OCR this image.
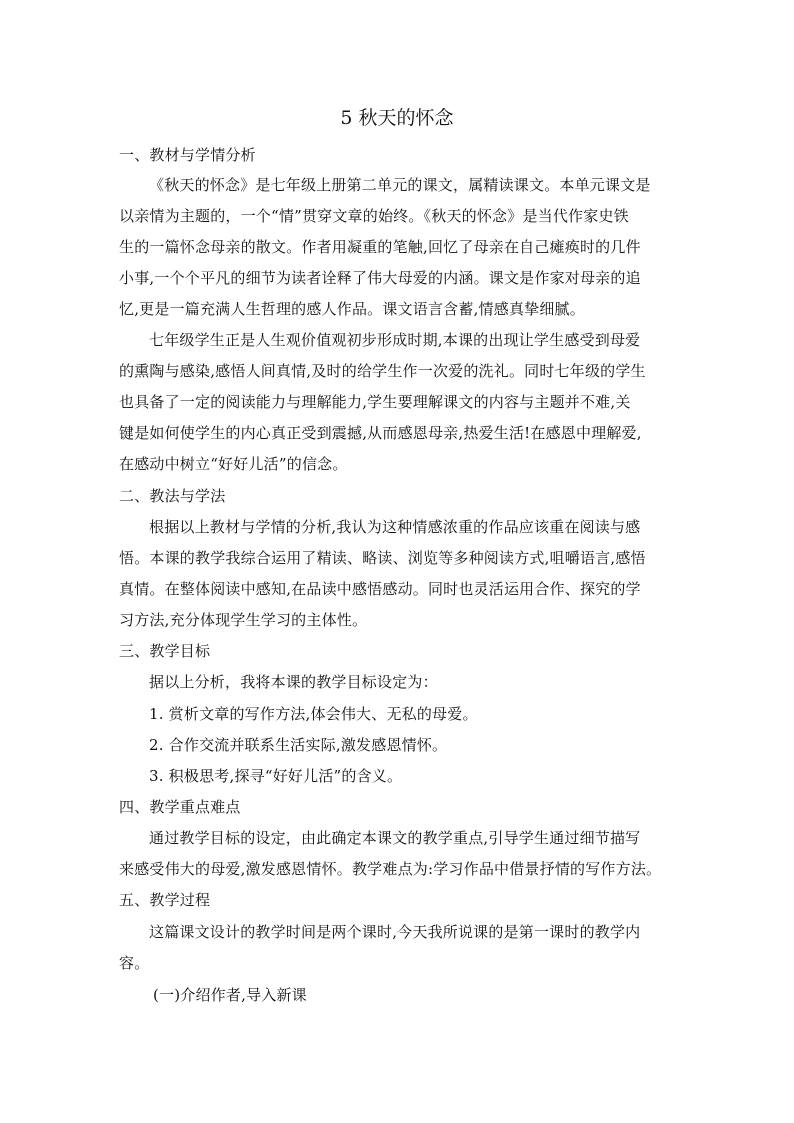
5 秋天的怀念
一、教材与学情分析
《秋天的怀念》是七年级上册第二单元的课文，属精读课文。本单元课文是
以亲情为主题的，一个“情”贯穿文章的始终。《秋天的怀念》是当代作家史铁
生的一篇怀念母亲的散文。作者用凝重的笔触,回忆了母亲在自己瘫痪时的几件
小事,一个个平凡的细节为读者诠释了伟大母爱的内涵。课文是作家对母亲的追
忆,更是一篇充满人生哲理的感人作品。课文语言含蓄,情感真挚细腻。
七年级学生正是人生观价值观初步形成时期,本课的出现让学生感受到母爱
的熏陶与感染,感悟人间真情,及时的给学生作一次爱的洗礼。同时七年级的学生
也具备了一定的阅读能力与理解能力,学生要理解课文的内容与主题并不难,关
键是如何使学生的内心真正受到震撼,从而感恩母亲,热爱生活!在感恩中理解爱,
在感动中树立“好好儿活”的信念。
二、教法与学法
根据以上教材与学情的分析,我认为这种情感浓重的作品应该重在阅读与感
悟。本课的教学我综合运用了精读、略读、浏览等多种阅读方式,咀嚼语言,感悟
真情。在整体阅读中感知,在品读中感悟感动。同时也灵活运用合作、探究的学
习方法,充分体现学生学习的主体性。
三、教学目标
据以上分析，我将本课的教学目标设定为：
1. 赏析文章的写作方法,体会伟大、无私的母爱。
2. 合作交流并联系生活实际,激发感恩情怀。
3. 积极思考,探寻“好好儿活”的含义。
四、教学重点难点
通过教学目标的设定，由此确定本课文的教学重点,引导学生通过细节描写
来感受伟大的母爱,激发感恩情怀。教学难点为:学习作品中借景抒情的写作方法。
五、教学过程
这篇课文设计的教学时间是两个课时,今天我所说课的是第一课时的教学内
容。
(一)介绍作者,导入新课
